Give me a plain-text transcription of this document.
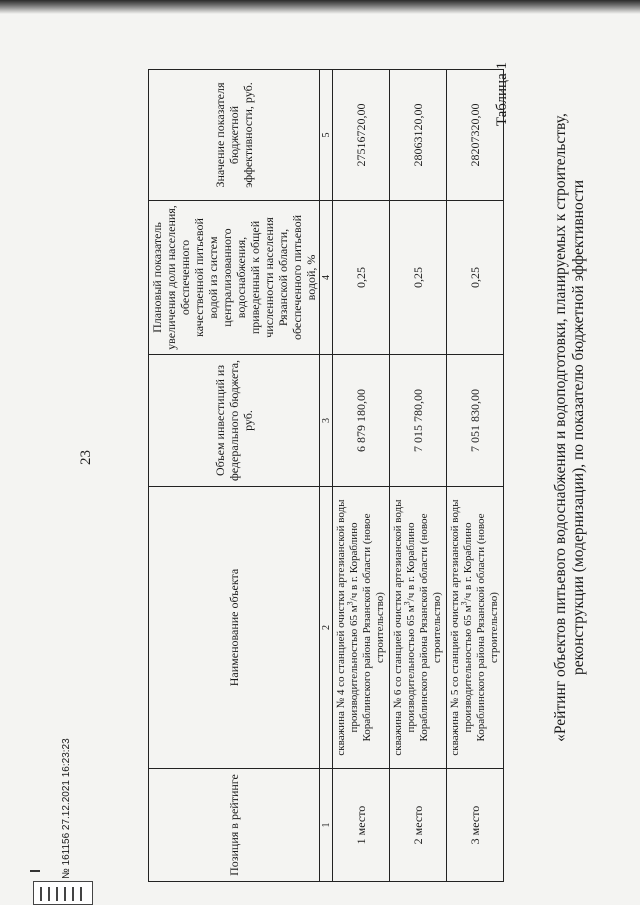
23	«Рейтинг объектов питьевого водоснабжения и водоподготовки, планируемых к строительству, реконструкции (модернизации), по показателю бюджетной эффективности
Таблица 1
Позиция в рейтинге	Наименование объекта	Объем инвестиций из федерального бюджета, руб.	Плановый показатель увеличения доли населения, обеспеченного качественной питьевой водой из систем централизованного водоснабжения, приведенный к общей численности населения Рязанской области, обеспеченного питьевой водой, %	Значение показателя бюджетной эффективности, руб.
1	2	3	4	5
1 место	скважина № 4 со станцией очистки артезианской воды производительностью 65 $м^3/ч$ в г. Кораблино Кораблинского района Рязанской области (новое строительство)	6 879 180,00	0,25	27516720,00
2 место	скважина № 6 со станцией очистки артезианской воды производительностью 65 $м^3/ч$ в г. Кораблино Кораблинского района Рязанской области (новое строительство)	7 015 780,00	0,25	28063120,00
3 место	скважина № 5 со станцией очистки артезианской воды производительностью 65 $м^3/ч$ в г. Кораблино Кораблинского района Рязанской области (новое строительство)	7 051 830,00	0,25	28207320,00
№ 161156 27.12.2021 16:23:23
